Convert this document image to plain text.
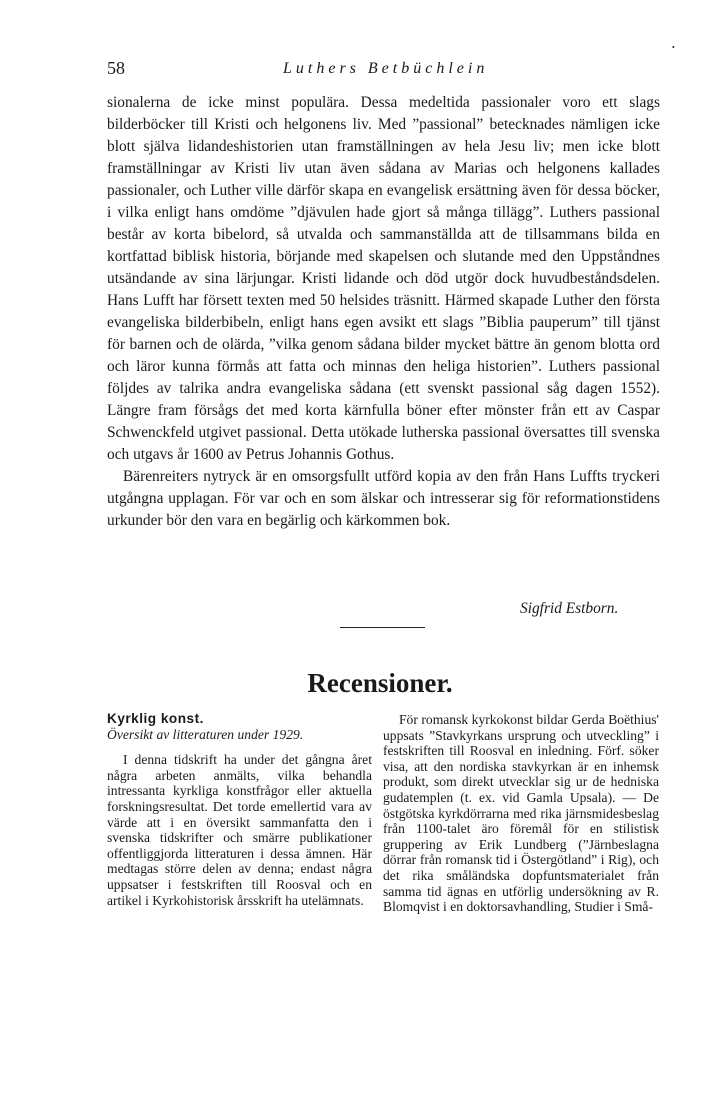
•
58	Luthers Betbüchlein

sionalerna de icke minst populära. Dessa medeltida passionaler voro ett slags bilderböcker till Kristi och helgonens liv. Med ”passional” betecknades nämligen icke blott själva lidandeshistorien utan framställningen av hela Jesu liv; men icke blott framställningar av Kristi liv utan även sådana av Marias och helgonens kallades passionaler, och Luther ville därför skapa en evangelisk ersättning även för dessa böcker, i vilka enligt hans omdöme ”djävulen hade gjort så många tillägg”. Luthers passional består av korta bibelord, så utvalda och sammanställda att de tillsammans bilda en kortfattad biblisk historia, börjande med skapelsen och slutande med den Uppståndnes utsändande av sina lärjungar. Kristi lidande och död utgör dock huvudbeståndsdelen. Hans Lufft har försett texten med 50 helsides träsnitt. Härmed skapade Luther den första evangeliska bilderbibeln, enligt hans egen avsikt ett slags ”Biblia pauperum” till tjänst för barnen och de olärda, ”vilka genom sådana bilder mycket bättre än genom blotta ord och läror kunna förmås att fatta och minnas den heliga historien”. Luthers passional följdes av talrika andra evangeliska sådana (ett svenskt passional såg dagen 1552). Längre fram försågs det med korta kärnfulla böner efter mönster från ett av Caspar Schwenckfeld utgivet passional. Detta utökade lutherska passional översattes till svenska och utgavs år 1600 av Petrus Johannis Gothus.

Bärenreiters nytryck är en omsorgsfullt utförd kopia av den från Hans Luffts tryckeri utgångna upplagan. För var och en som älskar och intresserar sig för reformationstidens urkunder bör den vara en begärlig och kärkommen bok.

Sigfrid Estborn.
Recensioner.

Kyrklig konst.

Översikt av litteraturen under 1929.

I denna tidskrift ha under det gångna året några arbeten anmälts, vilka behandla intressanta kyrkliga konstfrågor eller aktuella forskningsresultat. Det torde emellertid vara av värde att i en översikt sammanfatta den i svenska tidskrifter och smärre publikationer offentliggjorda litteraturen i dessa ämnen. Här medtagas större delen av denna; endast några uppsatser i festskriften till Roosval och en artikel i Kyrkohistorisk årsskrift ha utelämnats.

För romansk kyrkokonst bildar Gerda Boëthius' uppsats ”Stavkyrkans ursprung och utveckling” i festskriften till Roosval en inledning. Förf. söker visa, att den nordiska stavkyrkan är en inhemsk produkt, som direkt utvecklar sig ur de hedniska gudatemplen (t. ex. vid Gamla Upsala). — De östgötska kyrkdörrarna med rika järnsmidesbeslag från 1100-talet äro föremål för en stilistisk gruppering av Erik Lundberg (”Järnbeslagna dörrar från romansk tid i Östergötland” i Rig), och det rika småländska dopfuntsmaterialet från samma tid ägnas en utförlig undersökning av R. Blomqvist i en doktorsavhandling, Studier i Små-
